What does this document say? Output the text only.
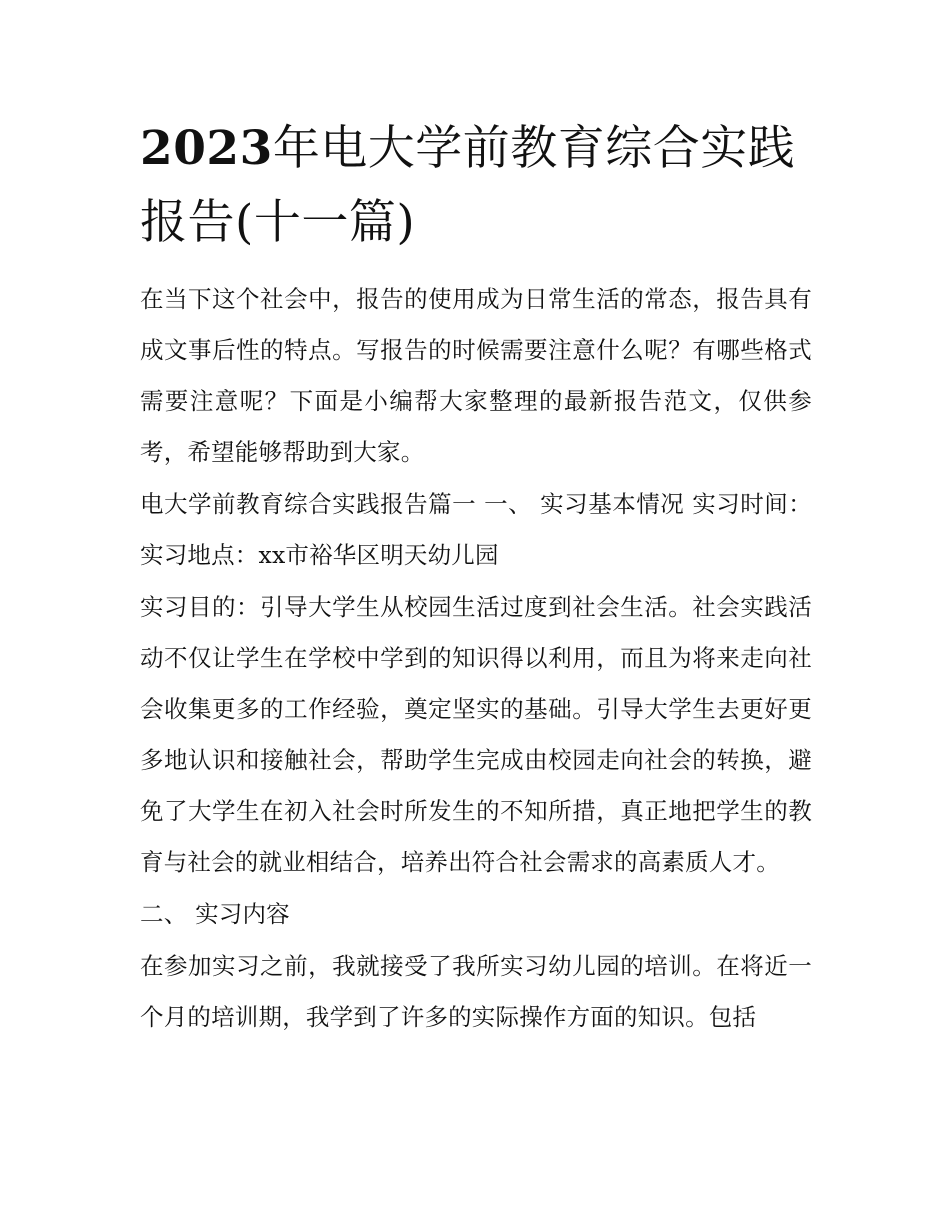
2023年电大学前教育综合实践报告(十一篇)

在当下这个社会中，报告的使用成为日常生活的常态，报告具有成文事后性的特点。写报告的时候需要注意什么呢？有哪些格式需要注意呢？下面是小编帮大家整理的最新报告范文，仅供参考，希望能够帮助到大家。

电大学前教育综合实践报告篇一 一、 实习基本情况 实习时间： 实习地点：xx市裕华区明天幼儿园

实习目的：引导大学生从校园生活过度到社会生活。社会实践活动不仅让学生在学校中学到的知识得以利用，而且为将来走向社会收集更多的工作经验，奠定坚实的基础。引导大学生去更好更多地认识和接触社会，帮助学生完成由校园走向社会的转换，避免了大学生在初入社会时所发生的不知所措，真正地把学生的教育与社会的就业相结合，培养出符合社会需求的高素质人才。

二、 实习内容

在参加实习之前，我就接受了我所实习幼儿园的培训。在将近一个月的培训期，我学到了许多的实际操作方面的知识。包括
